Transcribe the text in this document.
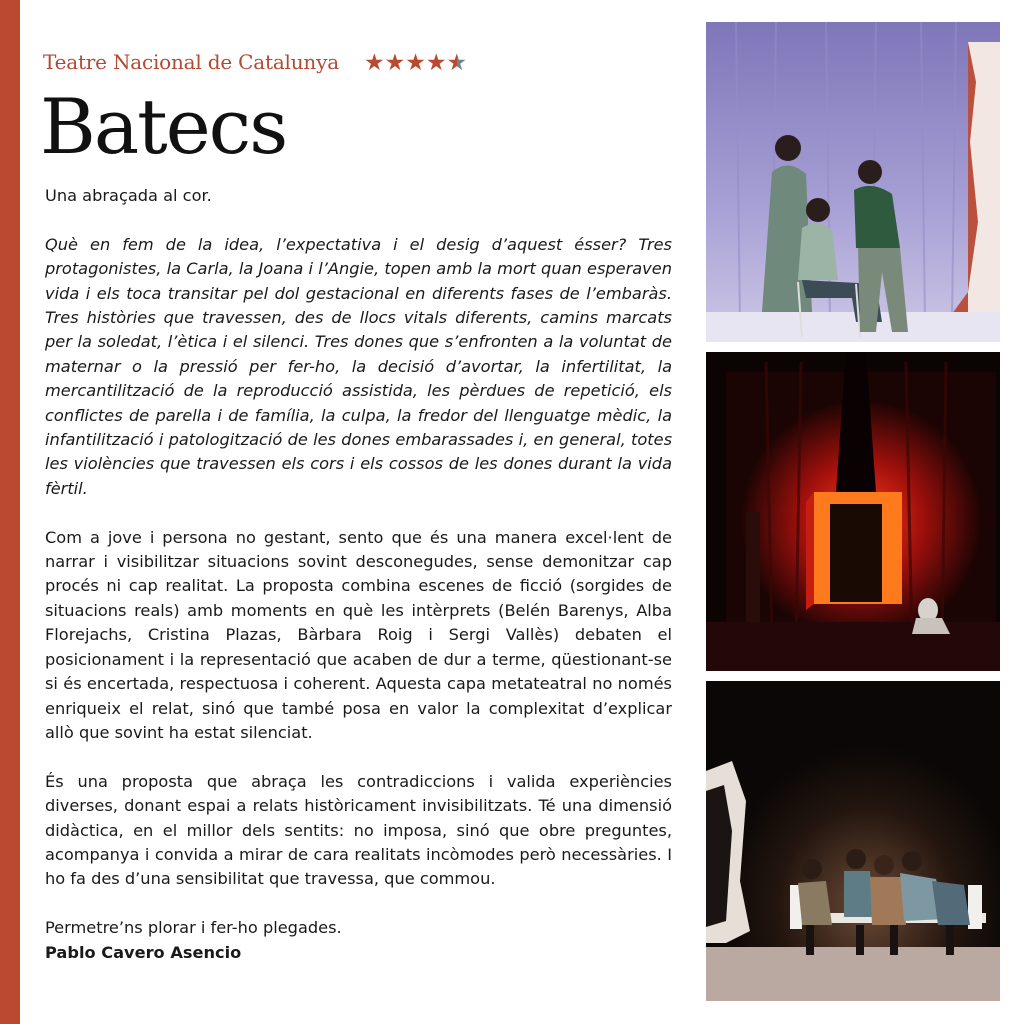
Teatre Nacional de Catalunya ★ ★ ★ ★ ★
Batecs

Una abraçada al cor.

Què en fem de la idea, l’expectativa i el desig d’aquest ésser? Tres protagonistes, la Carla, la Joana i l’Angie, topen amb la mort quan esperaven vida i els toca transitar pel dol gestacional en diferents fases de l’embaràs. Tres històries que travessen, des de llocs vitals diferents, camins marcats per la soledat, l’ètica i el silenci. Tres dones que s’enfronten a la voluntat de maternar o la pressió per fer-ho, la decisió d’avortar, la infertilitat, la mercantilització de la reproducció assistida, les pèrdues de repetició, els conflictes de parella i de família, la culpa, la fredor del llenguatge mèdic, la infantilització i patologització de les dones embarassades i, en general, totes les violències que travessen els cors i els cossos de les dones durant la vida fèrtil.

Com a jove i persona no gestant, sento que és una manera excel·lent de narrar i visibilitzar situacions sovint desconegudes, sense demonitzar cap procés ni cap realitat. La proposta combina escenes de ficció (sorgides de situacions reals) amb moments en què les intèrprets (Belén Barenys, Alba Florejachs, Cristina Plazas, Bàrbara Roig i Sergi Vallès) debaten el posicionament i la representació que acaben de dur a terme, qüestionant-se si és encertada, respectuosa i coherent. Aquesta capa metateatral no només enriqueix el relat, sinó que també posa en valor la complexitat d’explicar allò que sovint ha estat silenciat.

És una proposta que abraça les contradiccions i valida experiències diverses, donant espai a relats històricament invisibilitzats. Té una dimensió didàctica, en el millor dels sentits: no imposa, sinó que obre preguntes, acompanya i convida a mirar de cara realitats incòmodes però necessàries. I ho fa des d’una sensibilitat que travessa, que commou.

Permetre’ns plorar i fer-ho plegades.

Pablo Cavero Asencio
